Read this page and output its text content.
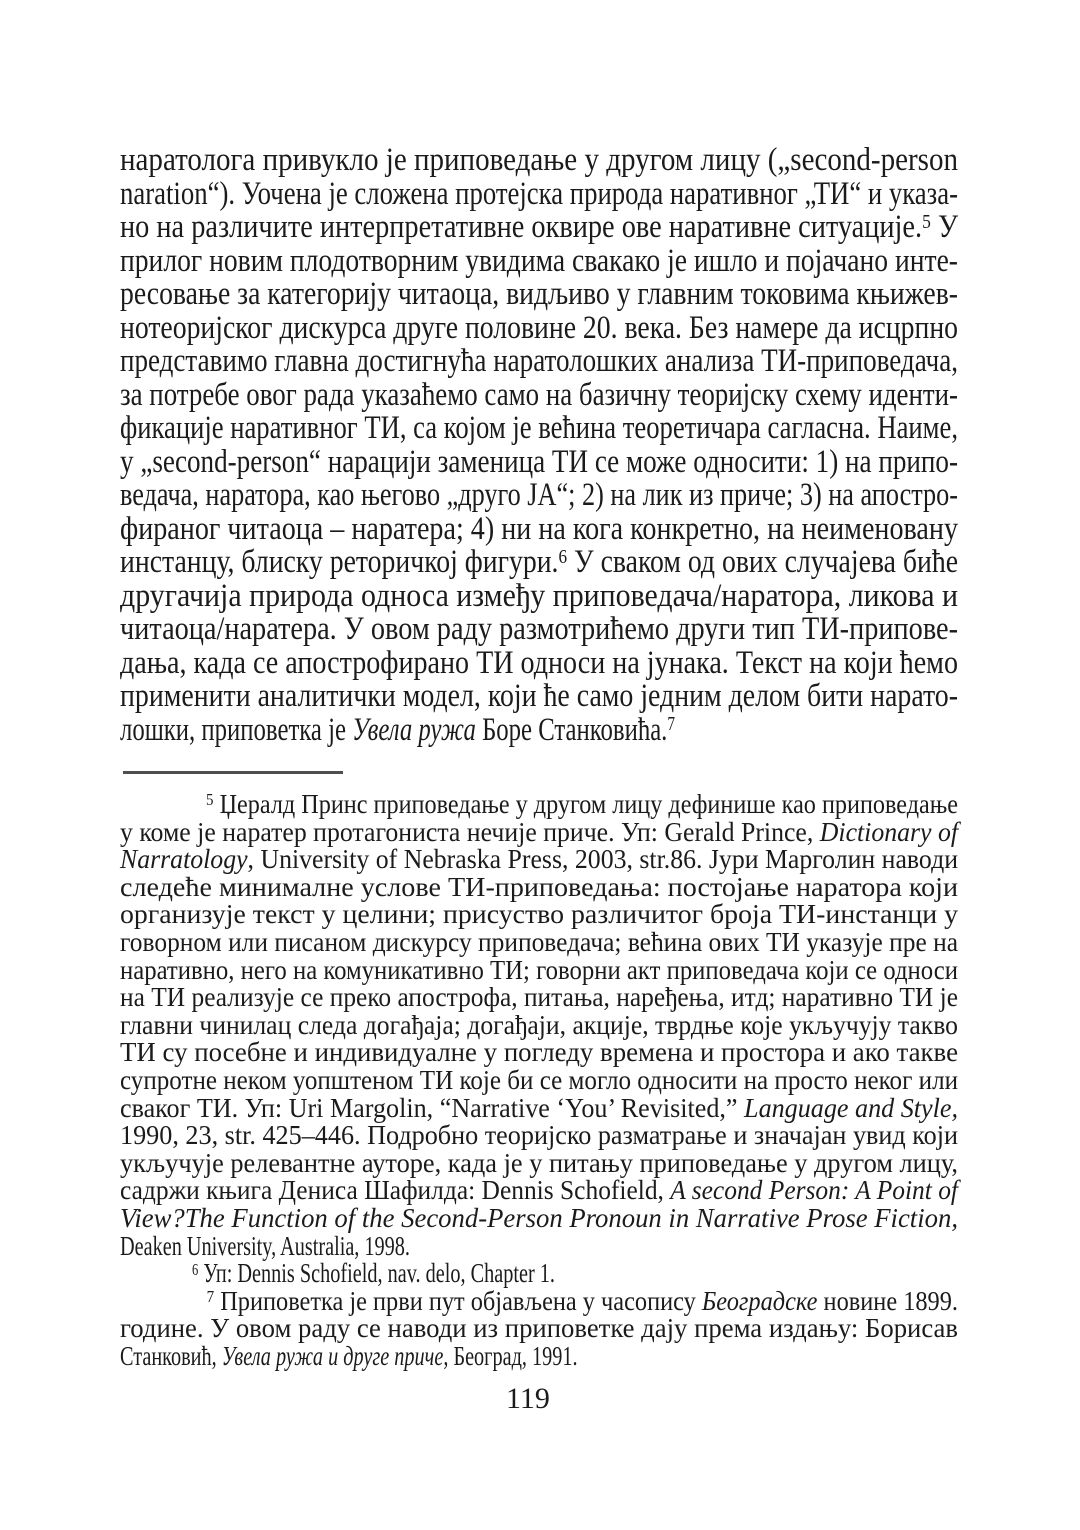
наратолога привукло је приповедање у другом лицу („second-person
naration“). Уочена је сложена протејска природа наративног „ТИ“ и указа-
но на различите интерпретативне оквире ове наративне ситуације.$^5$ У
прилог новим плодотворним увидима свакако је ишло и појачано инте-
ресовање за категорију читаоца, видљиво у главним токовима књижев-
нотеоријског дискурса друге половине 20. века. Без намере да исцрпно
представимо главна достигнућа наратолошких анализа ТИ-приповедача,
за потребе овог рада указаћемо само на базичну теоријску схему иденти-
фикације наративног ТИ, са којом је већина теоретичара сагласна. Наиме,
у „second-person“ нарацији заменица ТИ се може односити: 1) на припо-
ведача, наратора, као његово „друго ЈА“; 2) на лик из приче; 3) на апостро-
фираног читаоца – наратера; 4) ни на кога конкретно, на неименовану
инстанцу, блиску реторичкој фигури.$^6$ У сваком од ових случајева биће
другачија природа односа између приповедача/наратора, ликова и
читаоца/наратера. У овом раду размотрићемо други тип ТИ-припове-
дања, када се апострофирано ТИ односи на јунака. Текст на који ћемо
применити аналитички модел, који ће само једним делом бити нарато-
лошки, приповетка је Увела ружа Боре Станковића.$^7$
$^5$ Џералд Принс приповедање у другом лицу дефинише као приповедање
у коме је наратер протагониста нечије приче. Уп: Gerald Prince, Dictionary of
Narratology, University of Nebraska Press, 2003, str.86. Јури Марголин наводи
следеће минималне услове ТИ-приповедања: постојање наратора који
организује текст у целини; присуство различитог броја ТИ-инстанци у
говорном или писаном дискурсу приповедача; већина ових ТИ указује пре на
наративно, него на комуникативно ТИ; говорни акт приповедача који се односи
на ТИ реализује се преко апострофа, питања, наређења, итд; наративно ТИ је
главни чинилац следа догађаја; догађаји, акције, тврдње које укључују такво
ТИ су посебне и индивидуалне у погледу времена и простора и ако такве
супротне неком уопштеном ТИ које би се могло односити на просто неког или
сваког ТИ. Уп: Uri Margolin, “Narrative ‘You’ Revisited,” Language and Style,
1990, 23, str. 425–446. Подробно теоријско разматрање и значајан увид који
укључује релевантне ауторе, када је у питању приповедање у другом лицу,
садржи књига Дениса Шафилда: Dennis Schofield, A second Person: A Point of
View?The Function of the Second-Person Pronoun in Narrative Prose Fiction,
Deaken University, Australia, 1998.
$^6$ Уп: Dennis Schofield, nav. delo, Chapter 1.
$^7$ Приповетка је први пут објављена у часопису Београдске новине 1899.
године. У овом раду се наводи из приповетке дају према издању: Борисав
Станковић, Увела ружа и друге приче, Београд, 1991.
119
